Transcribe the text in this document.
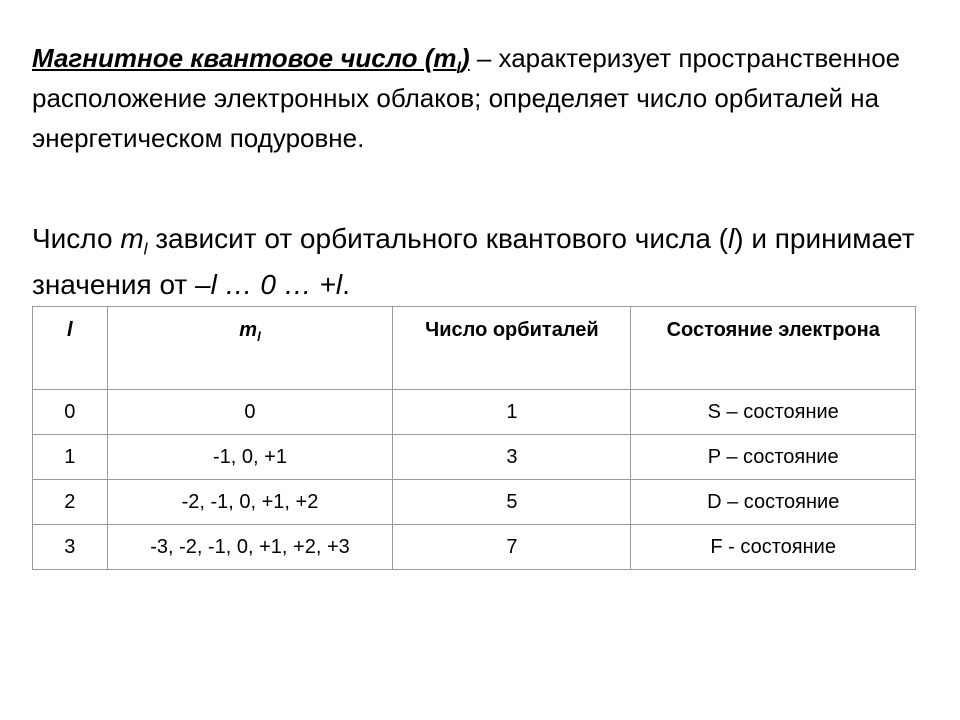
Магнитное квантовое число $(m_l)$ – характеризует пространственное расположение электронных облаков; определяет число орбиталей на энергетическом подуровне.

Число $m_l$ зависит от орбитального квантового числа (l) и принимает значения от –l … 0 … +l.

l	$m_l$	Число орбиталей	Состояние электрона
0	0	1	S – состояние
1	-1, 0, +1	3	P – состояние
2	-2, -1, 0, +1, +2	5	D – состояние
3	-3, -2, -1, 0, +1, +2, +3	7	F - состояние
